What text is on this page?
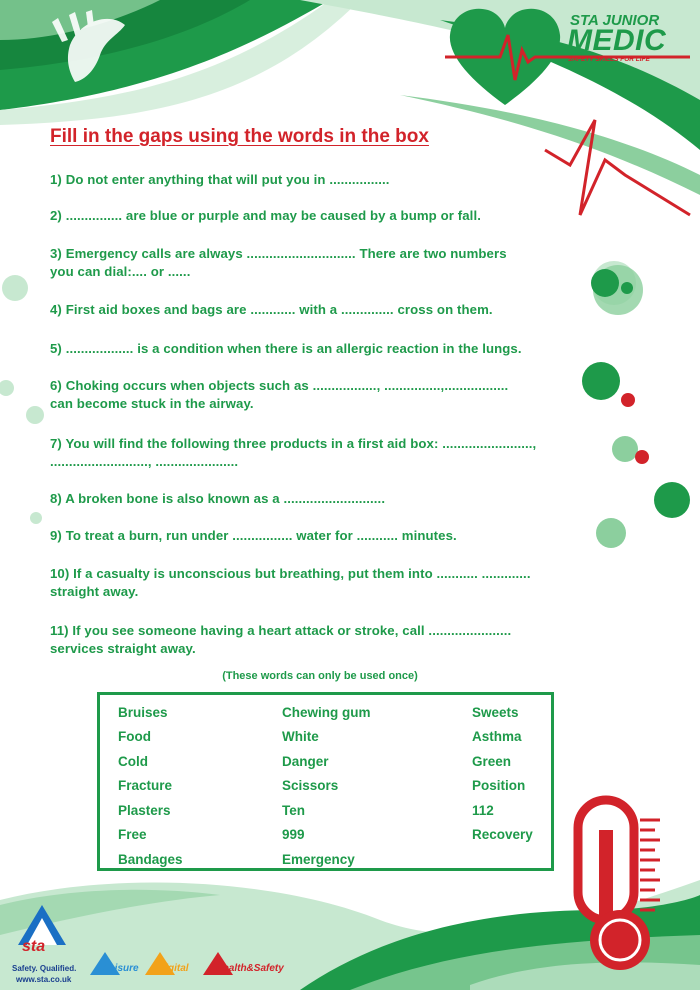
STA JUNIOR
MEDIC
SAFETY SKILLS FOR LIFE
Fill in the gaps using the words in the box
1) Do not enter anything that will put you in ................
2) ............... are blue or purple and may be caused by a bump or fall.
3) Emergency calls are always ............................. There are two numbers
you can dial:.... or ......
4) First aid boxes and bags are ............ with a .............. cross on them.
5) .................. is a condition when there is an allergic reaction in the lungs.
6) Choking occurs when objects such as ................., ...............,.................
can become stuck in the airway.
7) You will find the following three products in a first aid box: ........................,
.........................., ......................
8) A broken bone is also known as a ...........................
9) To treat a burn, run under ................ water for ........... minutes.
10) If a casualty is unconscious but breathing, put them into ........... .............
straight away.
11) If you see someone having a heart attack or stroke, call ......................
services straight away.
(These words can only be used once)
Bruises
Food
Cold
Fracture
Plasters
Free
Bandages
Chewing gum
White
Danger
Scissors
Ten
999
Emergency
Sweets
Asthma
Green
Position
112
Recovery
sta
Safety. Qualified.
www.sta.co.uk
Leisure Digital	Health&Safety
